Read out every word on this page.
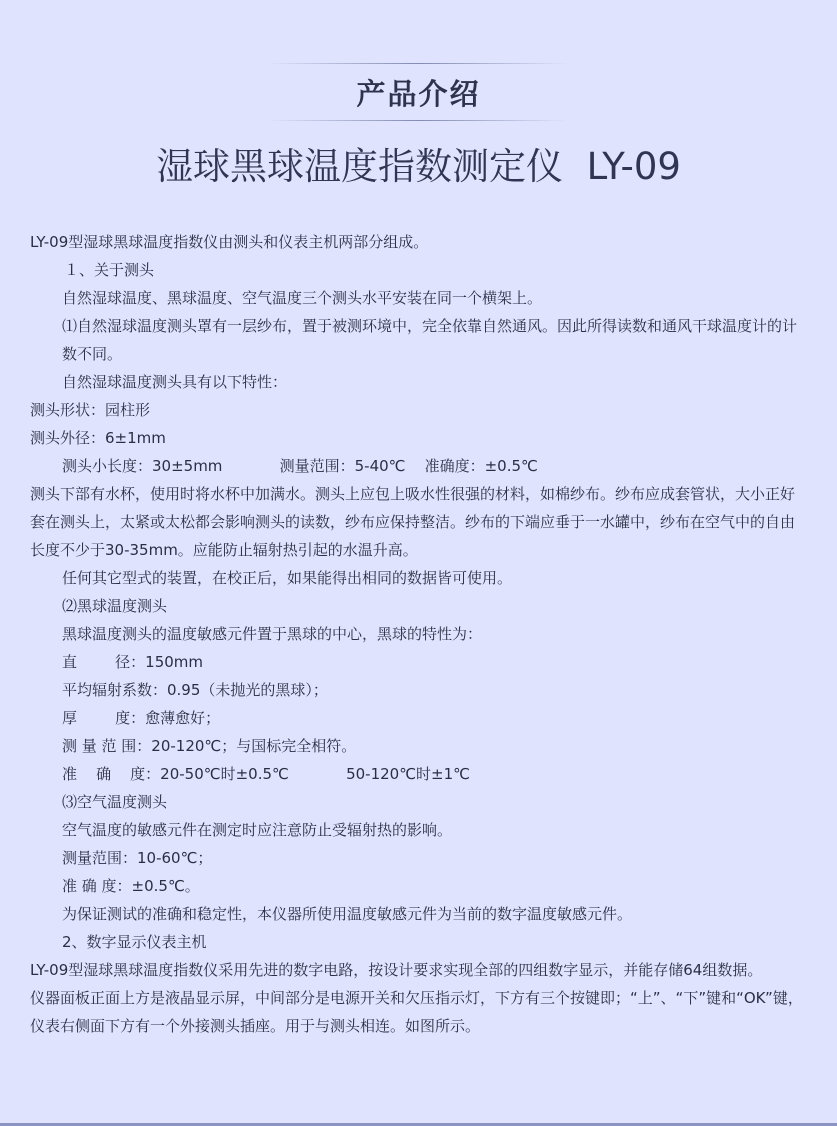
产品介绍
湿球黑球温度指数测定仪  LY-09

LY-09型湿球黑球温度指数仪由测头和仪表主机两部分组成。

１、关于测头

自然湿球温度、黑球温度、空气温度三个测头水平安装在同一个横架上。

⑴自然湿球温度测头罩有一层纱布，置于被测环境中，完全依靠自然通风。因此所得读数和通风干球温度计的计数不同。

自然湿球温度测头具有以下特性：

测头形状：园柱形

测头外径：6±1mm

测头小长度：30±5mm            测量范围：5-40℃    准确度：±0.5℃

测头下部有水杯，使用时将水杯中加满水。测头上应包上吸水性很强的材料，如棉纱布。纱布应成套管状，大小正好套在测头上，太紧或太松都会影响测头的读数，纱布应保持整洁。纱布的下端应垂于一水罐中，纱布在空气中的自由长度不少于30-35mm。应能防止辐射热引起的水温升高。

任何其它型式的装置，在校正后，如果能得出相同的数据皆可使用。

⑵黑球温度测头

黑球温度测头的温度敏感元件置于黑球的中心，黑球的特性为：

直        径：150mm

平均辐射系数：0.95（未抛光的黑球）；

厚        度：愈薄愈好；

测 量 范 围：20-120℃；与国标完全相符。

准    确    度：20-50℃时±0.5℃            50-120℃时±1℃

⑶空气温度测头

空气温度的敏感元件在测定时应注意防止受辐射热的影响。

测量范围：10-60℃；

准 确 度：±0.5℃。

为保证测试的准确和稳定性，本仪器所使用温度敏感元件为当前的数字温度敏感元件。

2、数字显示仪表主机

LY-09型湿球黑球温度指数仪采用先进的数字电路，按设计要求实现全部的四组数字显示，并能存储64组数据。

仪器面板正面上方是液晶显示屏，中间部分是电源开关和欠压指示灯，下方有三个按键即；“上”、“下”键和“OK”键，仪表右侧面下方有一个外接测头插座。用于与测头相连。如图所示。
